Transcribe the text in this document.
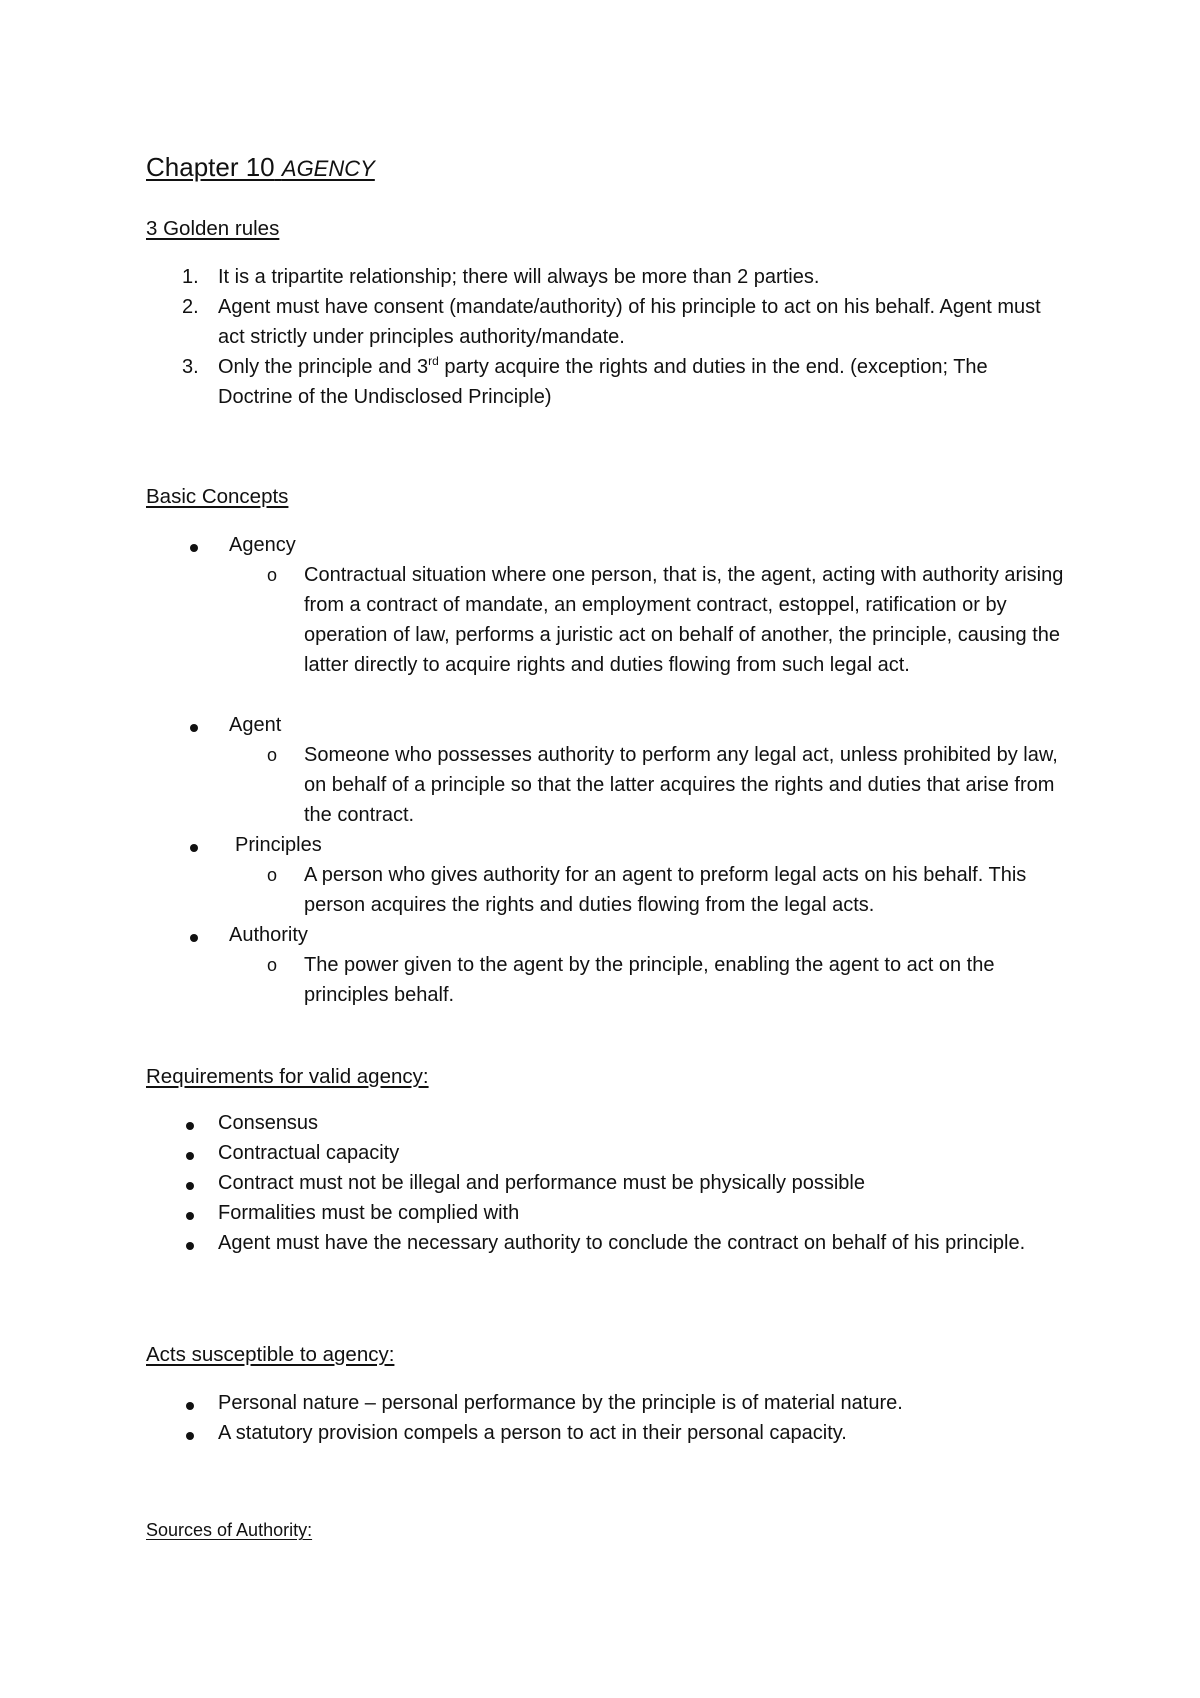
Chapter 10 AGENCY
3 Golden rules
1. It is a tripartite relationship; there will always be more than 2 parties.
2. Agent must have consent (mandate/authority) of his principle to act on his behalf. Agent must act strictly under principles authority/mandate.
3. Only the principle and 3rd party acquire the rights and duties in the end. (exception; The Doctrine of the Undisclosed Principle)
Basic Concepts
Agency
o Contractual situation where one person, that is, the agent, acting with authority arising from a contract of mandate, an employment contract, estoppel, ratification or by operation of law, performs a juristic act on behalf of another, the principle, causing the latter directly to acquire rights and duties flowing from such legal act.
Agent
o Someone who possesses authority to perform any legal act, unless prohibited by law, on behalf of a principle so that the latter acquires the rights and duties that arise from the contract.
Principles
o A person who gives authority for an agent to preform legal acts on his behalf. This person acquires the rights and duties flowing from the legal acts.
Authority
o The power given to the agent by the principle, enabling the agent to act on the principles behalf.
Requirements for valid agency:
Consensus
Contractual capacity
Contract must not be illegal and performance must be physically possible
Formalities must be complied with
Agent must have the necessary authority to conclude the contract on behalf of his principle.
Acts susceptible to agency:
Personal nature – personal performance by the principle is of material nature.
A statutory provision compels a person to act in their personal capacity.
Sources of Authority:
